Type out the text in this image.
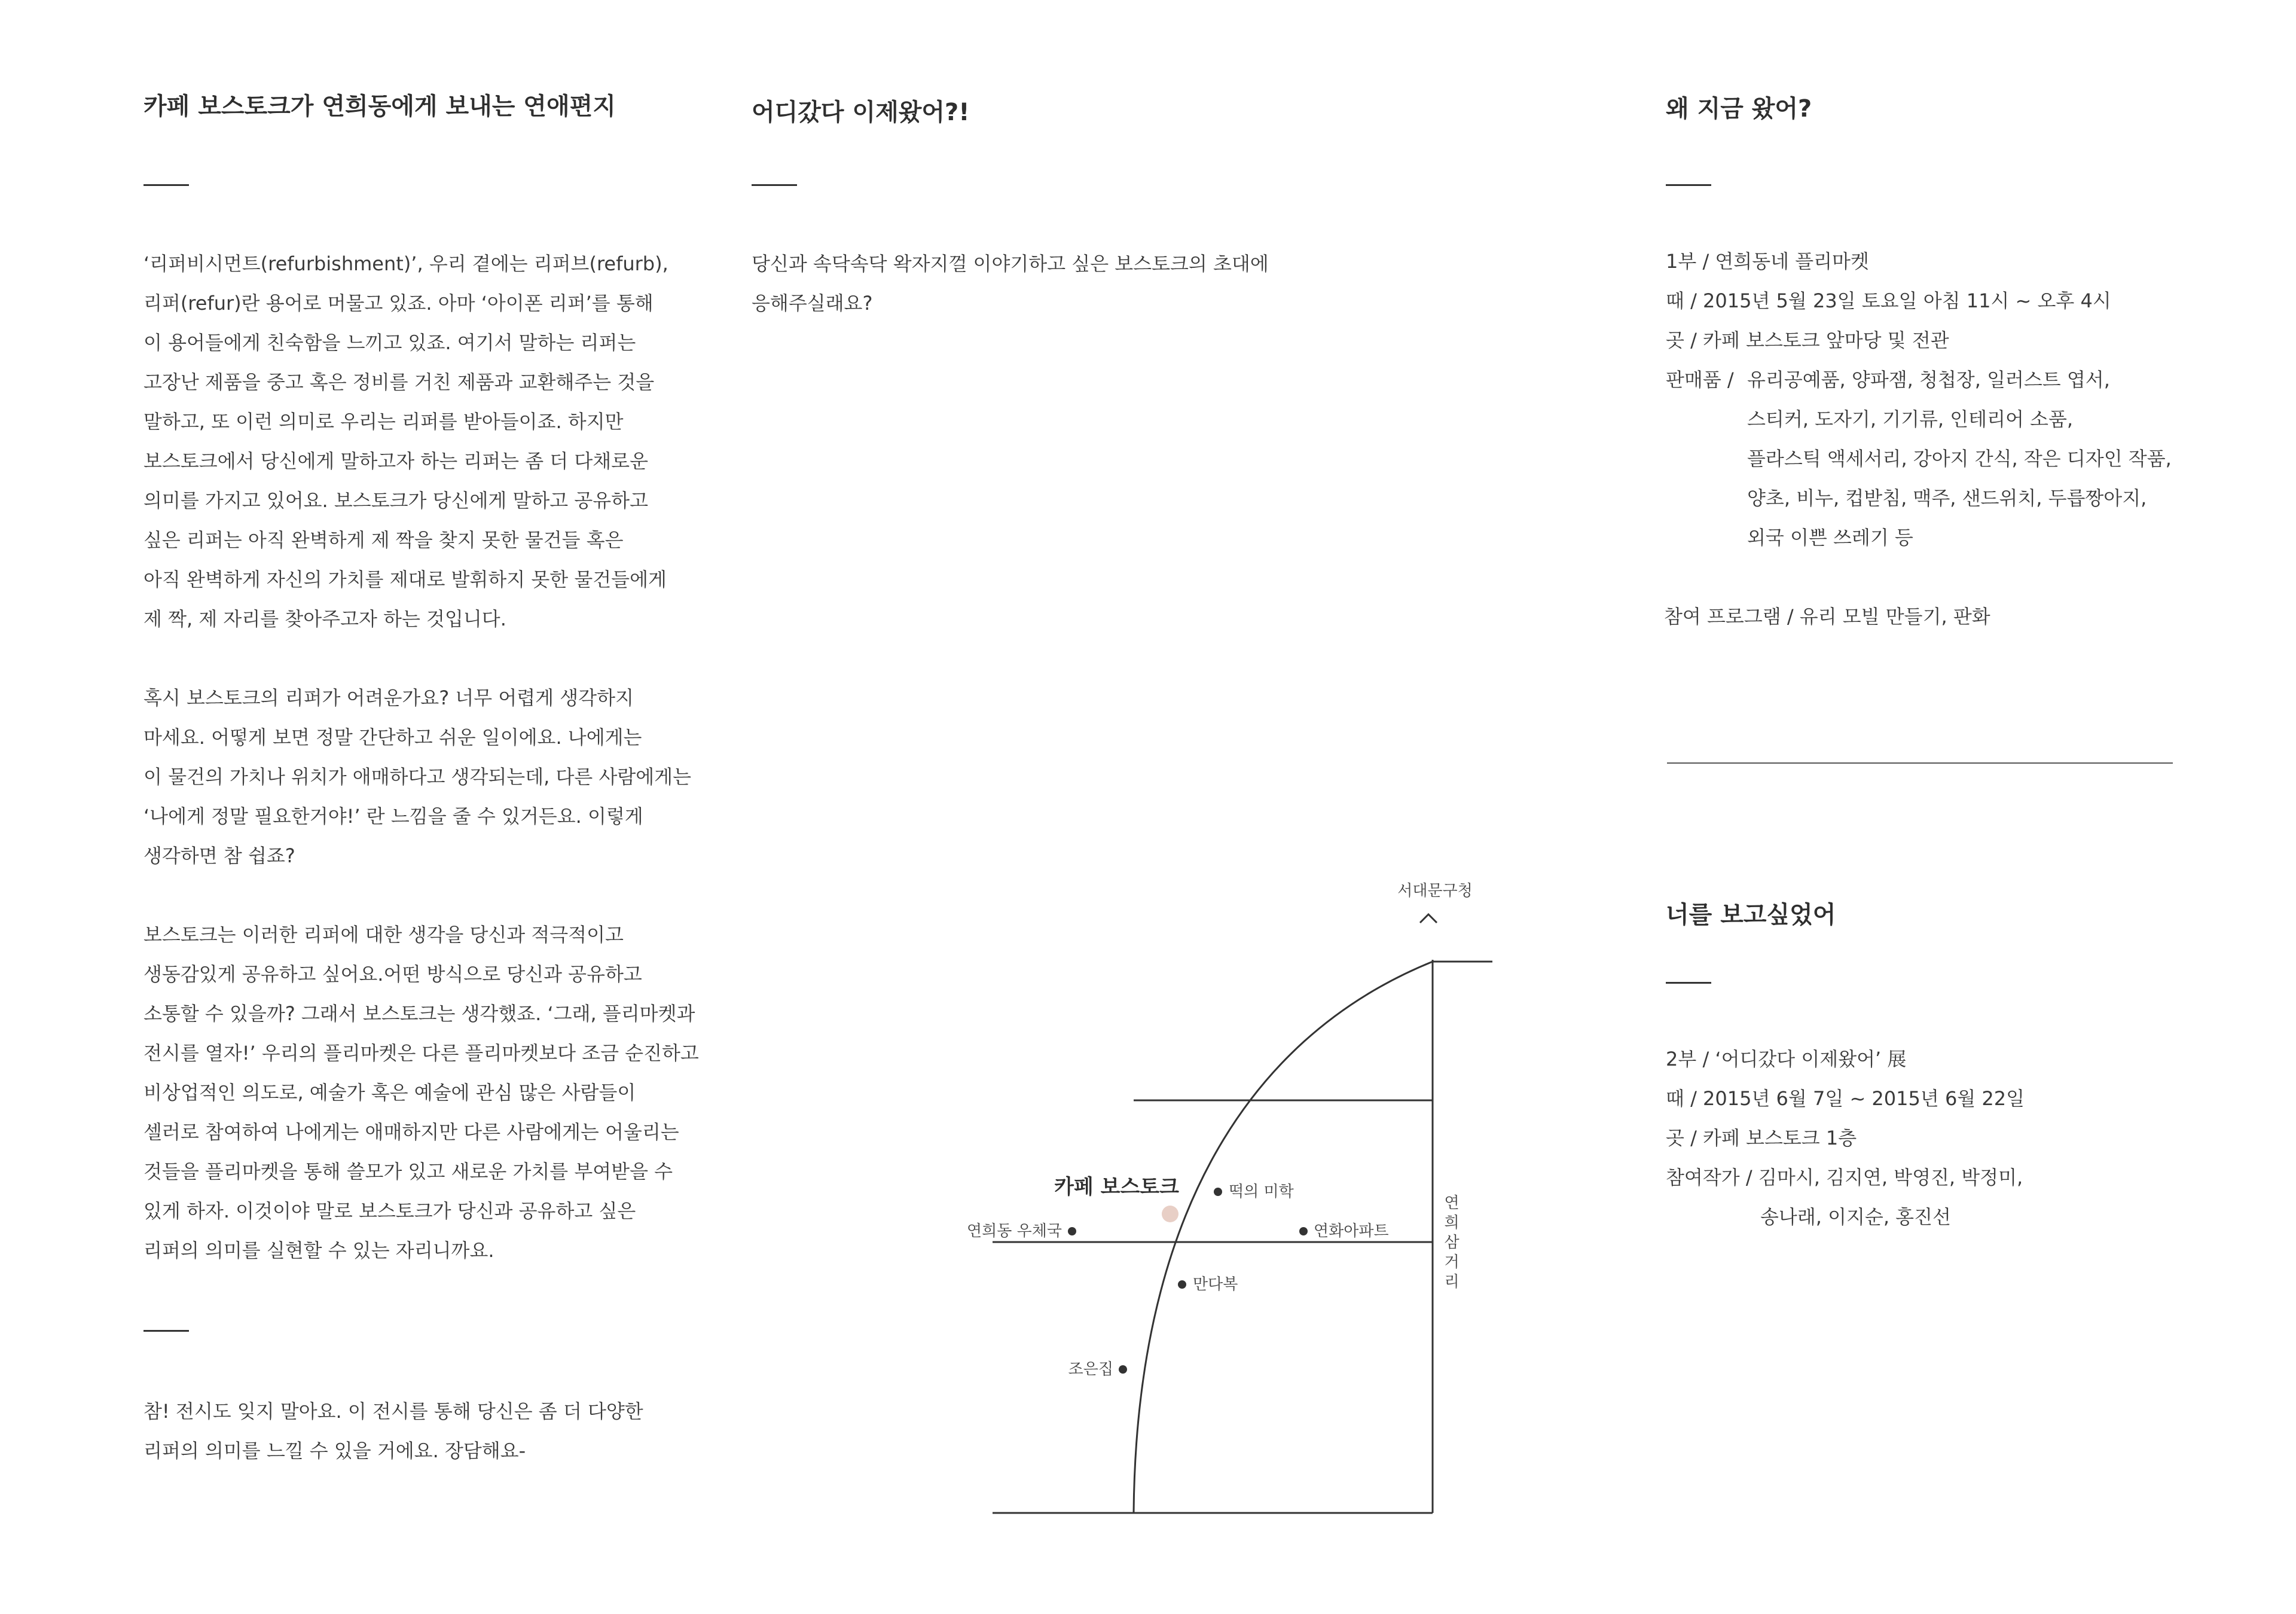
카페 보스토크가 연희동에게 보내는 연애편지
‘리퍼비시먼트(refurbishment)’, 우리 곁에는 리퍼브(refurb),
리퍼(refur)란 용어로 머물고 있죠. 아마 ‘아이폰 리퍼’를 통해
이 용어들에게 친숙함을 느끼고 있죠. 여기서 말하는 리퍼는
고장난 제품을 중고 혹은 정비를 거친 제품과 교환해주는 것을
말하고, 또 이런 의미로 우리는 리퍼를 받아들이죠. 하지만
보스토크에서 당신에게 말하고자 하는 리퍼는 좀 더 다채로운
의미를 가지고 있어요. 보스토크가 당신에게 말하고 공유하고
싶은 리퍼는 아직 완벽하게 제 짝을 찾지 못한 물건들 혹은
아직 완벽하게 자신의 가치를 제대로 발휘하지 못한 물건들에게
제 짝, 제 자리를 찾아주고자 하는 것입니다.
혹시 보스토크의 리퍼가 어려운가요? 너무 어렵게 생각하지
마세요. 어떻게 보면 정말 간단하고 쉬운 일이에요. 나에게는
이 물건의 가치나 위치가 애매하다고 생각되는데, 다른 사람에게는
‘나에게 정말 필요한거야!’ 란 느낌을 줄 수 있거든요. 이렇게
생각하면 참 쉽죠?
보스토크는 이러한 리퍼에 대한 생각을 당신과 적극적이고
생동감있게 공유하고 싶어요.어떤 방식으로 당신과 공유하고
소통할 수 있을까? 그래서 보스토크는 생각했죠. ‘그래, 플리마켓과
전시를 열자!’ 우리의 플리마켓은 다른 플리마켓보다 조금 순진하고
비상업적인 의도로, 예술가 혹은 예술에 관심 많은 사람들이
셀러로 참여하여 나에게는 애매하지만 다른 사람에게는 어울리는
것들을 플리마켓을 통해 쓸모가 있고 새로운 가치를 부여받을 수
있게 하자. 이것이야 말로 보스토크가 당신과 공유하고 싶은
리퍼의 의미를 실현할 수 있는 자리니까요.
참! 전시도 잊지 말아요. 이 전시를 통해 당신은 좀 더 다양한
리퍼의 의미를 느낄 수 있을 거에요. 장담해요-
어디갔다 이제왔어?!
당신과 속닥속닥 왁자지껄 이야기하고 싶은 보스토크의 초대에
응해주실래요?
왜 지금 왔어?
1부 / 연희동네 플리마켓
때 / 2015년 5월 23일 토요일 아침 11시 ~ 오후 4시
곳 / 카페 보스토크 앞마당 및 전관
판매품 / 유리공예품, 양파잼, 청첩장, 일러스트 엽서,
스티커, 도자기, 기기류, 인테리어 소품,
플라스틱 액세서리, 강아지 간식, 작은 디자인 작품,
양초, 비누, 컵받침, 맥주, 샌드위치, 두릅짱아지,
외국 이쁜 쓰레기 등
참여 프로그램 / 유리 모빌 만들기, 판화
너를 보고싶었어
2부 / ‘어디갔다 이제왔어’ 展
때 / 2015년 6월 7일 ~ 2015년 6월 22일
곳 / 카페 보스토크 1층
참여작가 / 김마시, 김지연, 박영진, 박정미,
송나래, 이지순, 홍진선
서대문구청
카페 보스토크	떡의 미학
연희동 우체국	연화아파트
만다복
조은집
연
희
삼
거
리
